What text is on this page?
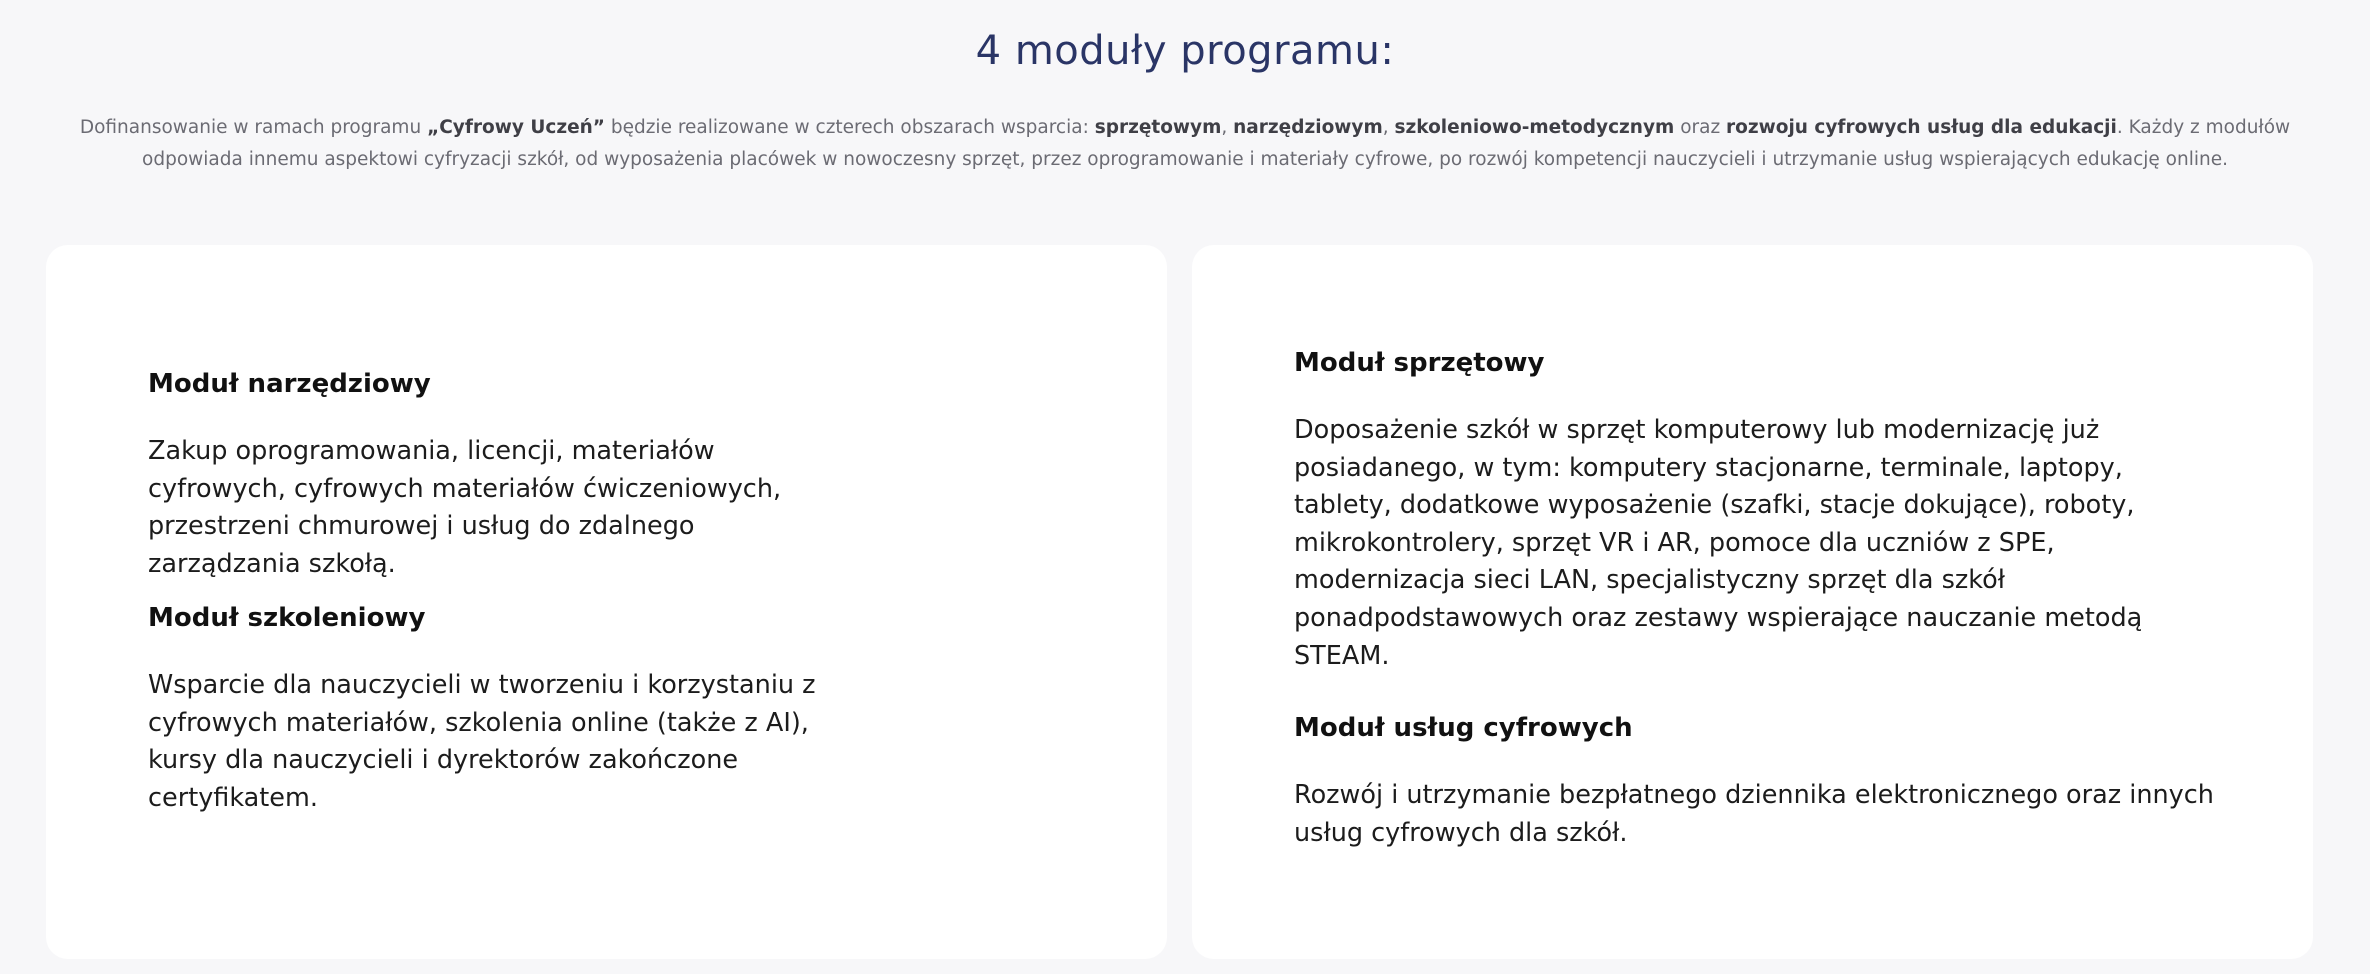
4 moduły programu:

Dofinansowanie w ramach programu „Cyfrowy Uczeń” będzie realizowane w czterech obszarach wsparcia: sprzętowym, narzędziowym, szkoleniowo-metodycznym oraz rozwoju cyfrowych usług dla edukacji. Każdy z modułów odpowiada innemu aspektowi cyfryzacji szkół, od wyposażenia placówek w nowoczesny sprzęt, przez oprogramowanie i materiały cyfrowe, po rozwój kompetencji nauczycieli i utrzymanie usług wspierających edukację online.

Moduł narzędziowy

Zakup oprogramowania, licencji, materiałów cyfrowych, cyfrowych materiałów ćwiczeniowych, przestrzeni chmurowej i usług do zdalnego zarządzania szkołą.

Moduł szkoleniowy

Wsparcie dla nauczycieli w tworzeniu i korzystaniu z cyfrowych materiałów, szkolenia online (także z AI), kursy dla nauczycieli i dyrektorów zakończone certyfikatem.

Moduł sprzętowy

Doposażenie szkół w sprzęt komputerowy lub modernizację już posiadanego, w tym: komputery stacjonarne, terminale, laptopy, tablety, dodatkowe wyposażenie (szafki, stacje dokujące), roboty, mikrokontrolery, sprzęt VR i AR, pomoce dla uczniów z SPE, modernizacja sieci LAN, specjalistyczny sprzęt dla szkół ponadpodstawowych oraz zestawy wspierające nauczanie metodą STEAM.

Moduł usług cyfrowych

Rozwój i utrzymanie bezpłatnego dziennika elektronicznego oraz innych usług cyfrowych dla szkół.
